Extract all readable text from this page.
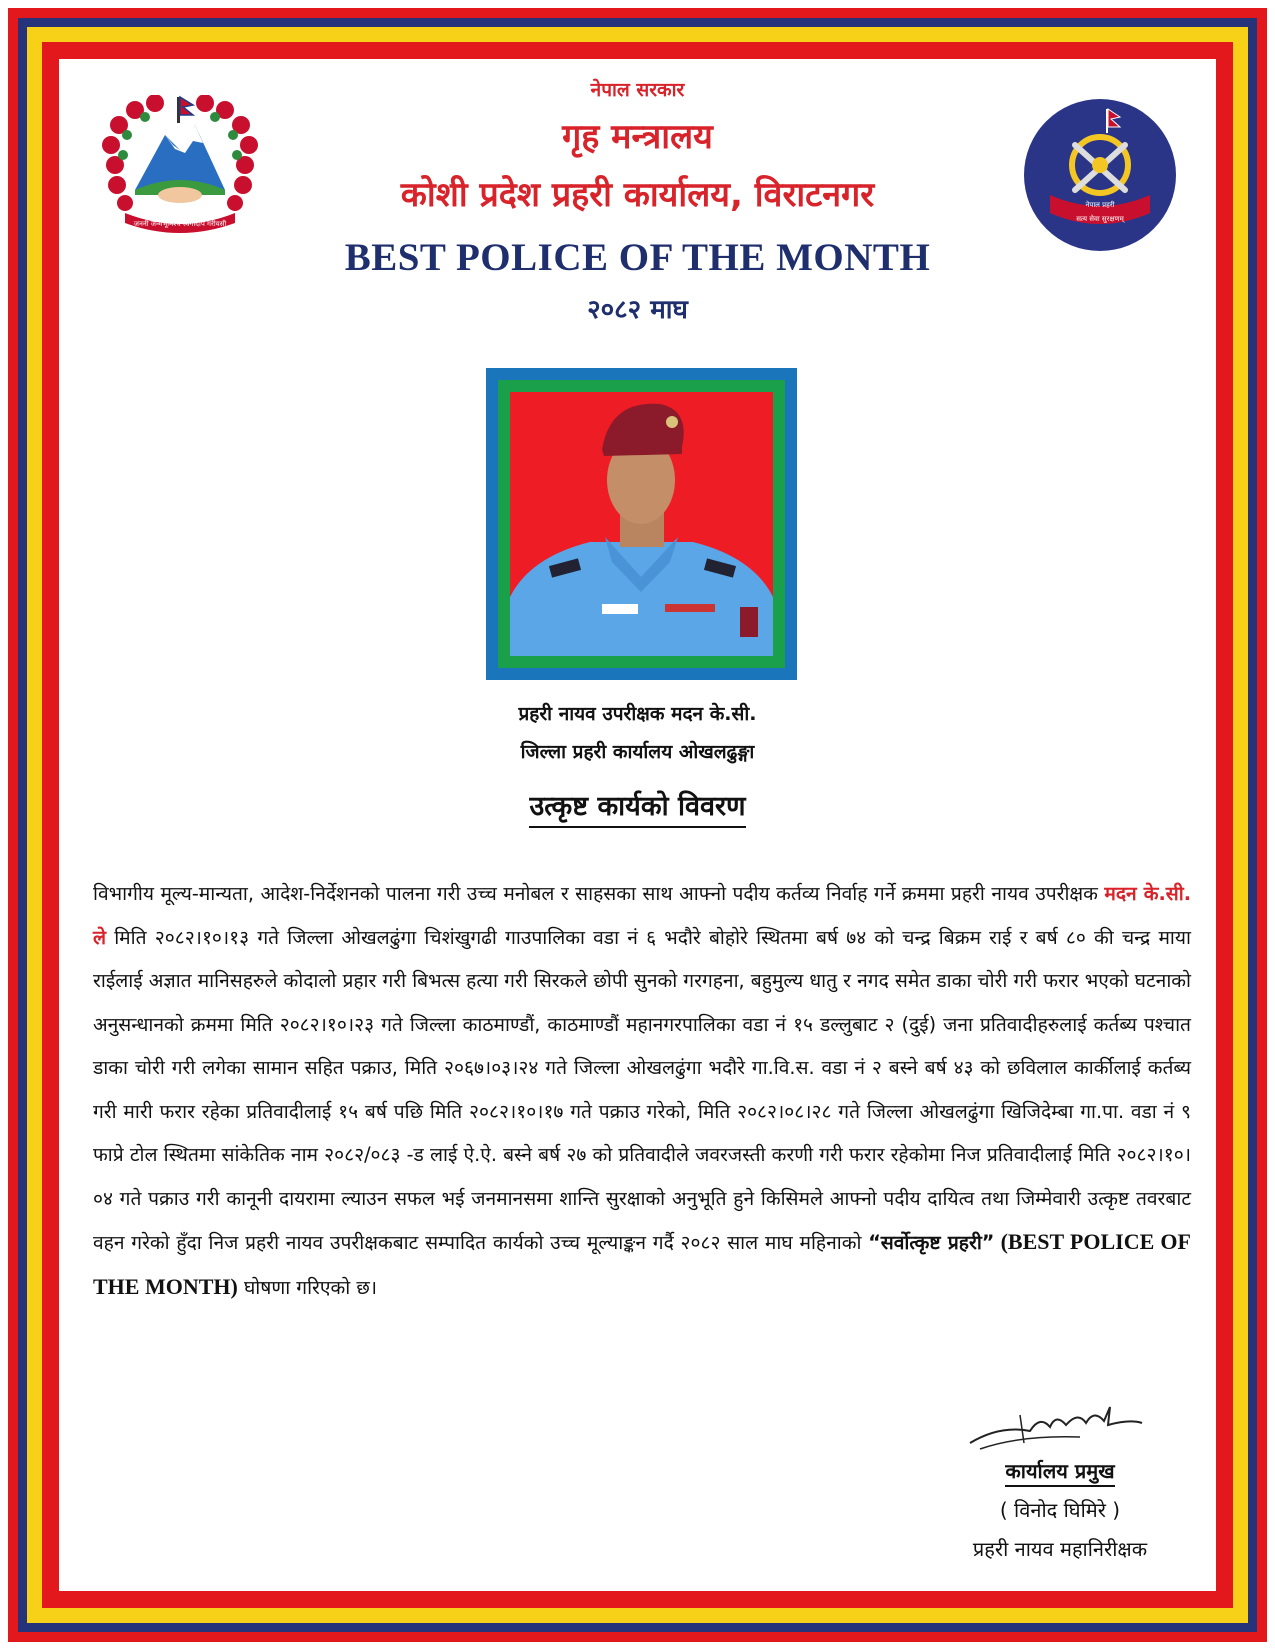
जननी जन्मभूमिश्च स्वर्गादपि गरीयसी
नेपाल प्रहरी
सत्य सेवा सुरक्षणम्
नेपाल सरकार
गृह मन्त्रालय
कोशी प्रदेश प्रहरी कार्यालय, विराटनगर
BEST POLICE OF THE MONTH
२०८२ माघ
प्रहरी नायव उपरीक्षक मदन के.सी.
जिल्ला प्रहरी कार्यालय ओखलढुङ्गा
उत्कृष्ट कार्यको विवरण
विभागीय मूल्य-मान्यता, आदेश-निर्देशनको पालना गरी उच्च मनोबल र साहसका साथ आफ्नो पदीय कर्तव्य निर्वाह गर्ने क्रममा प्रहरी नायव उपरीक्षक मदन के.सी. ले मिति २०८२।१०।१३ गते जिल्ला ओखलढुंगा चिशंखुगढी गाउपालिका वडा नं ६ भदौरे बोहोरे स्थितमा बर्ष ७४ को चन्द्र बिक्रम राई र बर्ष ८० की चन्द्र माया राईलाई अज्ञात मानिसहरुले कोदालो प्रहार गरी बिभत्स हत्या गरी सिरकले छोपी सुनको गरगहना, बहुमुल्य धातु र नगद समेत डाका चोरी गरी फरार भएको घटनाको अनुसन्धानको क्रममा मिति २०८२।१०।२३ गते जिल्ला काठमाण्डौं, काठमाण्डौं महानगरपालिका वडा नं १५ डल्लुबाट २ (दुई) जना प्रतिवादीहरुलाई कर्तब्य पश्चात डाका चोरी गरी लगेका सामान सहित पक्राउ, मिति २०६७।०३।२४ गते जिल्ला ओखलढुंगा भदौरे गा.वि.स. वडा नं २ बस्ने बर्ष ४३ को छविलाल कार्कीलाई कर्तब्य गरी मारी फरार रहेका प्रतिवादीलाई १५ बर्ष पछि मिति २०८२।१०।१७ गते पक्राउ गरेको, मिति २०८२।०८।२८ गते जिल्ला ओखलढुंगा खिजिदेम्बा गा.पा. वडा नं ९ फाप्रे टोल स्थितमा सांकेतिक नाम २०८२/०८३ -ड लाई ऐ.ऐ. बस्ने बर्ष २७ को प्रतिवादीले जवरजस्ती करणी गरी फरार रहेकोमा निज प्रतिवादीलाई मिति २०८२।१०।०४ गते पक्राउ गरी कानूनी दायरामा ल्याउन सफल भई जनमानसमा शान्ति सुरक्षाको अनुभूति हुने किसिमले आफ्नो पदीय दायित्व तथा जिम्मेवारी उत्कृष्ट तवरबाट वहन गरेको हुँदा निज प्रहरी नायव उपरीक्षकबाट सम्पादित कार्यको उच्च मूल्याङ्कन गर्दै २०८२ साल माघ महिनाको “सर्वोत्कृष्ट प्रहरी” (BEST POLICE OF THE MONTH) घोषणा गरिएको छ।
कार्यालय प्रमुख
( विनोद घिमिरे )
प्रहरी नायव महानिरीक्षक
